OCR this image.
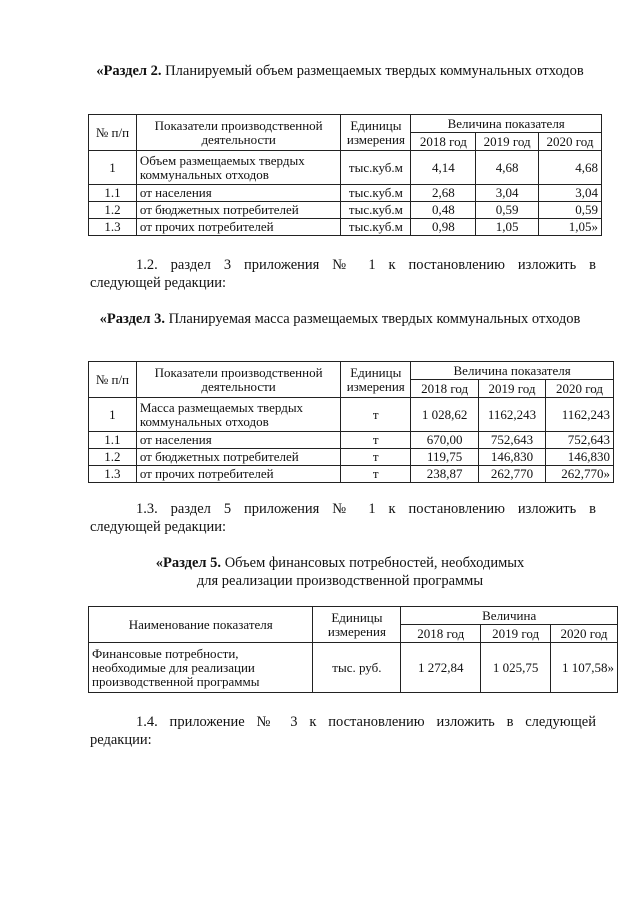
«Раздел 2. Планируемый объем размещаемых твердых коммунальных отходов
№ п/п	Показатели производственной деятельности	Единицы измерения	Величина показателя		
			2018 год	2019 год	2020 год
1	Объем размещаемых твердых коммунальных отходов	тыс.куб.м	4,14	4,68	4,68
1.1	от населения	тыс.куб.м	2,68	3,04	3,04
1.2	от бюджетных потребителей	тыс.куб.м	0,48	0,59	0,59
1.3	от прочих потребителей	тыс.куб.м	0,98	1,05	1,05»
1.2. раздел 3 приложения № 1 к постановлению изложить в
следующей редакции:
«Раздел 3. Планируемая масса размещаемых твердых коммунальных отходов
№ п/п	Показатели производственной деятельности	Единицы измерения	Величина показателя		
			2018 год	2019 год	2020 год
1	Масса размещаемых твердых коммунальных отходов	т	1 028,62	1162,243	1162,243
1.1	от населения	т	670,00	752,643	752,643
1.2	от бюджетных потребителей	т	119,75	146,830	146,830
1.3	от прочих потребителей	т	238,87	262,770	262,770»
1.3. раздел 5 приложения № 1 к постановлению изложить в
следующей редакции:
«Раздел 5. Объем финансовых потребностей, необходимых
для реализации производственной программы
Наименование показателя	Единицы измерения	Величина		
		2018 год	2019 год	2020 год
Финансовые потребности, необходимые для реализации производственной программы	тыс. руб.	1 272,84	1 025,75	1 107,58»
1.4. приложение № 3 к постановлению изложить в следующей
редакции:
